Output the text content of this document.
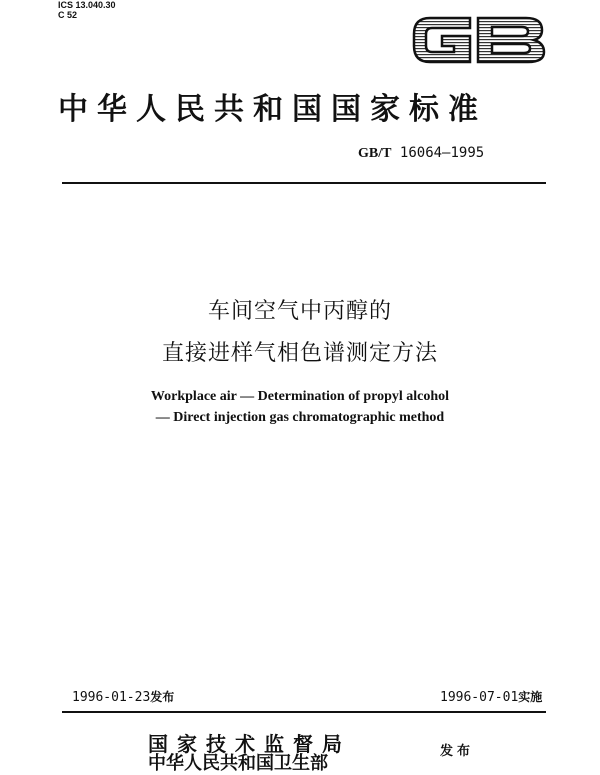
ICS 13.040.30
C 52
中华人民共和国国家标准
GB/T 16064—1995
车间空气中丙醇的
直接进样气相色谱测定方法
Workplace air — Determination of propyl alcohol
— Direct injection gas chromatographic method
1996-01-23发布	1996-07-01实施
国家技术监督局
中华人民共和国卫生部
发布
